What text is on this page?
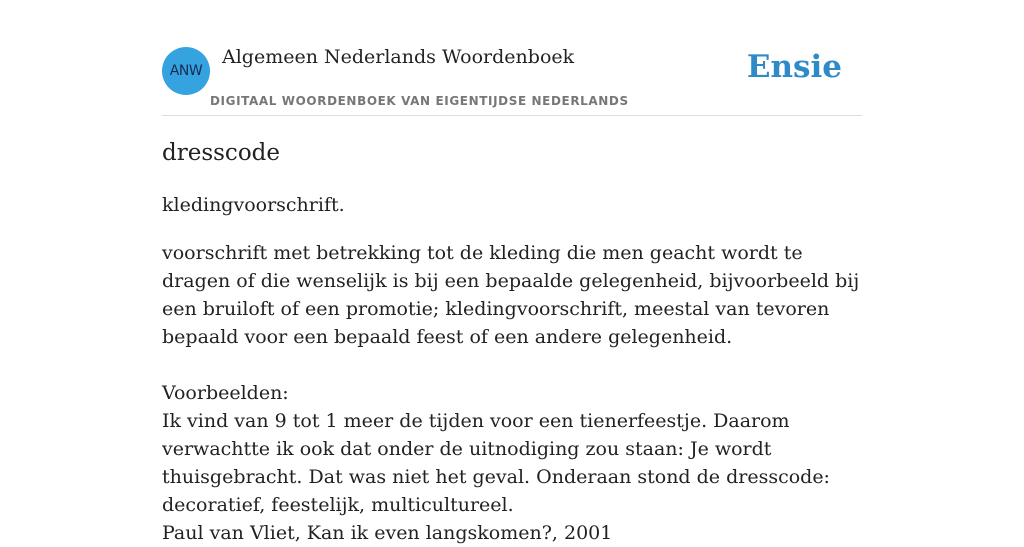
ANW
Algemeen Nederlands Woordenboek
DIGITAAL WOORDENBOEK VAN EIGENTIJDSE NEDERLANDS
Ensie
dresscode
kledingvoorschrift.

voorschrift met betrekking tot de kleding die men geacht wordt te dragen of die wenselijk is bij een bepaalde gelegenheid, bijvoorbeeld bij een bruiloft of een promotie; kledingvoorschrift, meestal van tevoren bepaald voor een bepaald feest of een andere gelegenheid.

Voorbeelden:

Ik vind van 9 tot 1 meer de tijden voor een tienerfeestje. Daarom verwachtte ik ook dat onder de uitnodiging zou staan: Je wordt thuisgebracht. Dat was niet het geval. Onderaan stond de dresscode: decoratief, feestelijk, multicultureel.

Paul van Vliet, Kan ik even langskomen?, 2001
